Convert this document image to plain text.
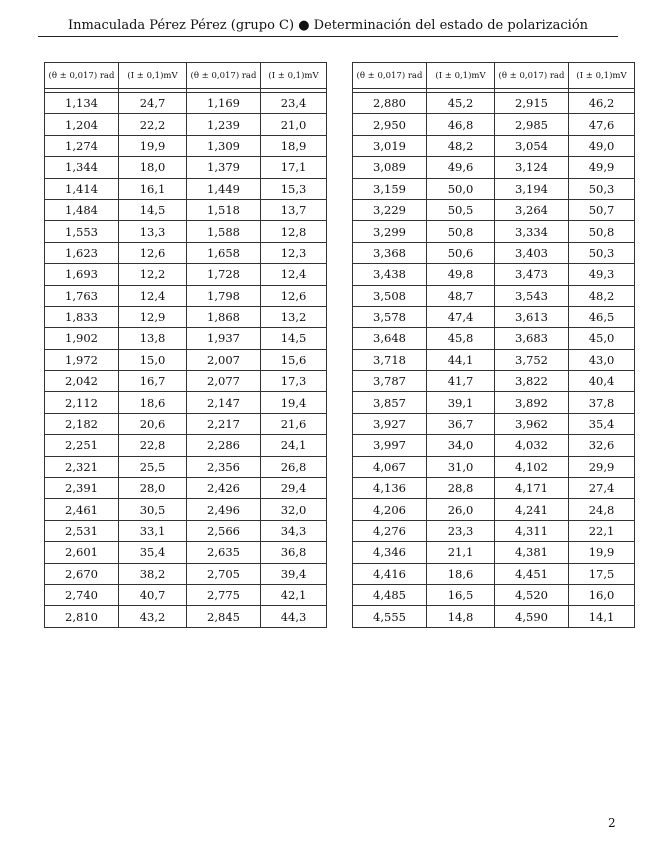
Inmaculada Pérez Pérez (grupo C) ● Determinación del estado de polarización
(θ ± 0,017) rad	(I ± 0,1)mV	(θ ± 0,017) rad	(I ± 0,1)mV

1,134	24,7	1,169	23,4
1,204	22,2	1,239	21,0
1,274	19,9	1,309	18,9
1,344	18,0	1,379	17,1
1,414	16,1	1,449	15,3
1,484	14,5	1,518	13,7
1,553	13,3	1,588	12,8
1,623	12,6	1,658	12,3
1,693	12,2	1,728	12,4
1,763	12,4	1,798	12,6
1,833	12,9	1,868	13,2
1,902	13,8	1,937	14,5
1,972	15,0	2,007	15,6
2,042	16,7	2,077	17,3
2,112	18,6	2,147	19,4
2,182	20,6	2,217	21,6
2,251	22,8	2,286	24,1
2,321	25,5	2,356	26,8
2,391	28,0	2,426	29,4
2,461	30,5	2,496	32,0
2,531	33,1	2,566	34,3
2,601	35,4	2,635	36,8
2,670	38,2	2,705	39,4
2,740	40,7	2,775	42,1
2,810	43,2	2,845	44,3
(θ ± 0,017) rad	(I ± 0,1)mV	(θ ± 0,017) rad	(I ± 0,1)mV

2,880	45,2	2,915	46,2
2,950	46,8	2,985	47,6
3,019	48,2	3,054	49,0
3,089	49,6	3,124	49,9
3,159	50,0	3,194	50,3
3,229	50,5	3,264	50,7
3,299	50,8	3,334	50,8
3,368	50,6	3,403	50,3
3,438	49,8	3,473	49,3
3,508	48,7	3,543	48,2
3,578	47,4	3,613	46,5
3,648	45,8	3,683	45,0
3,718	44,1	3,752	43,0
3,787	41,7	3,822	40,4
3,857	39,1	3,892	37,8
3,927	36,7	3,962	35,4
3,997	34,0	4,032	32,6
4,067	31,0	4,102	29,9
4,136	28,8	4,171	27,4
4,206	26,0	4,241	24,8
4,276	23,3	4,311	22,1
4,346	21,1	4,381	19,9
4,416	18,6	4,451	17,5
4,485	16,5	4,520	16,0
4,555	14,8	4,590	14,1
2
